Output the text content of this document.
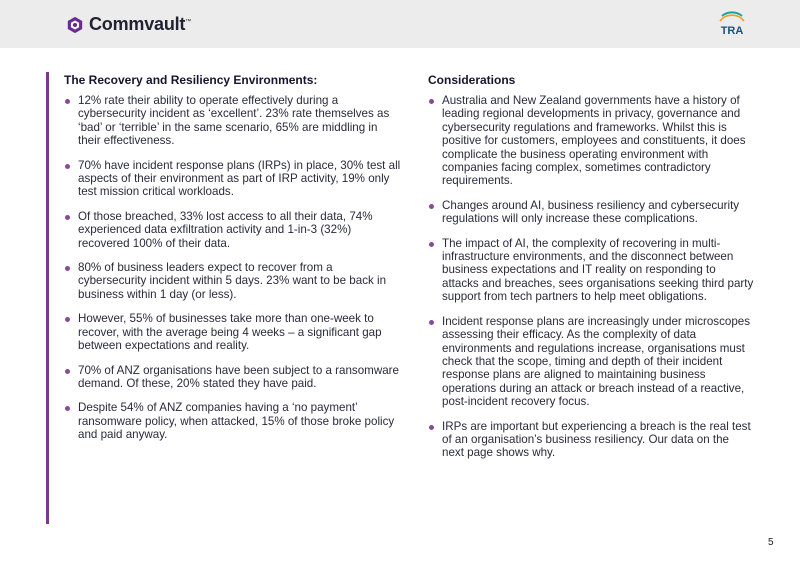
Commvault™
TRA
The Recovery and Resiliency Environments:
12% rate their ability to operate effectively during a cybersecurity incident as ‘excellent’. 23% rate themselves as ‘bad’ or ‘terrible’ in the same scenario, 65% are middling in their effectiveness.
70% have incident response plans (IRPs) in place, 30% test all aspects of their environment as part of IRP activity, 19% only test mission critical workloads.
Of those breached, 33% lost access to all their data, 74% experienced data exfiltration activity and 1-in-3 (32%) recovered 100% of their data.
80% of business leaders expect to recover from a cybersecurity incident within 5 days. 23% want to be back in business within 1 day (or less).
However, 55% of businesses take more than one-week to recover, with the average being 4 weeks – a significant gap between expectations and reality.
70% of ANZ organisations have been subject to a ransomware demand. Of these, 20% stated they have paid.
Despite 54% of ANZ companies having a ‘no payment’ ransomware policy, when attacked, 15% of those broke policy and paid anyway.
Considerations
Australia and New Zealand governments have a history of leading regional developments in privacy, governance and cybersecurity regulations and frameworks. Whilst this is positive for customers, employees and constituents, it does complicate the business operating environment with companies facing complex, sometimes contradictory requirements.
Changes around AI, business resiliency and cybersecurity regulations will only increase these complications.
The impact of AI, the complexity of recovering in multi-infrastructure environments, and the disconnect between business expectations and IT reality on responding to attacks and breaches, sees organisations seeking third party support from tech partners to help meet obligations.
Incident response plans are increasingly under microscopes assessing their efficacy. As the complexity of data environments and regulations increase, organisations must check that the scope, timing and depth of their incident response plans are aligned to maintaining business operations during an attack or breach instead of a reactive, post-incident recovery focus.
IRPs are important but experiencing a breach is the real test of an organisation’s business resiliency. Our data on the next page shows why.
5
